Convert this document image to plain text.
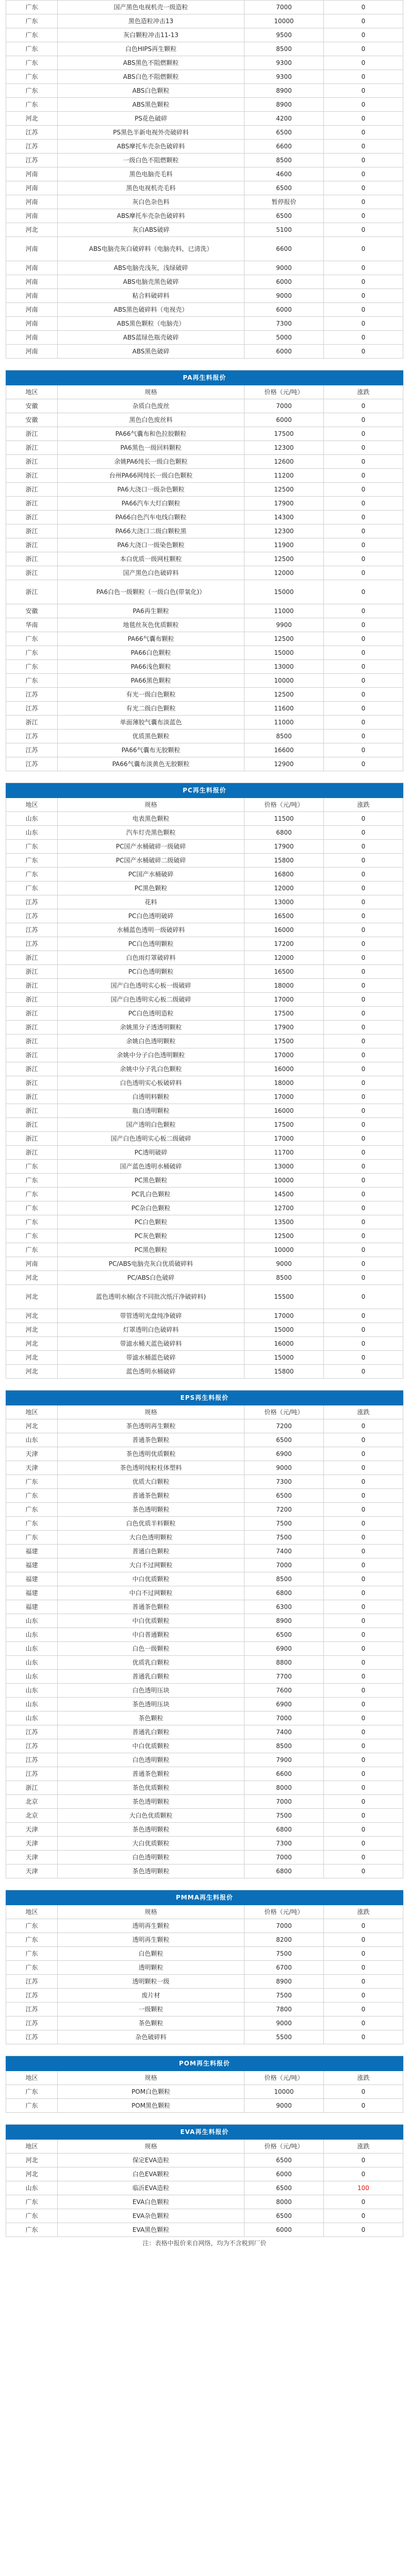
广东	国产黑色电视机壳一级造粒	7000	0
广东	黑色造粒冲击13	10000	0
广东	灰白颗粒冲击11-13	9500	0
广东	白色HIPS再生颗粒	8500	0
广东	ABS黑色不阻燃颗粒	9300	0
广东	ABS白色不阻燃颗粒	9300	0
广东	ABS白色颗粒	8900	0
广东	ABS黑色颗粒	8900	0
河北	PS花色破碎	4200	0
江苏	PS黑色半新电视外壳破碎料	6500	0
江苏	ABS摩托车壳杂色破碎料	6600	0
江苏	一级白色不阻燃颗粒	8500	0
河南	黑色电脑壳毛料	4600	0
河南	黑色电视机壳毛料	6500	0
河南	灰白色杂色料	暂停报价	0
河南	ABS摩托车壳杂色破碎料	6500	0
河北	灰白ABS破碎	5100	0
河南	ABS电脑壳灰白破碎料（电脑壳料，已清洗）	6600	0
河南	ABS电脑壳浅灰，浅绿破碎	9000	0
河南	ABS电脑壳黑色破碎	6000	0
河南	粘合料破碎料	9000	0
河南	ABS黑色破碎料（电视壳）	6000	0
河南	ABS黑色颗粒（电脑壳）	7300	0
河南	ABS蓝绿色瓶壳破碎	5000	0
河南	ABS黑色破碎	6000	0

PA再生料报价			
地区	规格	价格（元/吨）	涨跌
安徽	杂质白色废丝	7000	0
安徽	黑色白色废丝料	6000	0
浙江	PA66气囊布和色拉胶颗粒	17500	0
浙江	PA6黑色一级回料颗粒	12300	0
浙江	余姚PA6纯长一级白色颗粒	12600	0
浙江	台州PA66网纯长一级白色颗粒	11200	0
浙江	PA6大浇口一级杂色颗粒	12500	0
浙江	PA66汽车大灯白颗粒	17900	0
浙江	PA66白色汽车电线白颗粒	14300	0
浙江	PA66大浇口二级白颗粒黑	12300	0
浙江	PA6大浇口一级染色颗粒	11900	0
浙江	本白优质一级网柱颗粒	12500	0
浙江	国产黑色白色破碎料	12000	0
浙江	PA6白色一级颗粒（一级白色(带氧化)）	15000	0
安徽	PA6再生颗粒	11000	0
华南	地毯丝灰色优质颗粒	9900	0
广东	PA66气囊布颗粒	12500	0
广东	PA66白色颗粒	15000	0
广东	PA66浅色颗粒	13000	0
广东	PA66黑色颗粒	10000	0
江苏	有光一级白色颗粒	12500	0
江苏	有光二级白色颗粒	11600	0
浙江	单面薄胶气囊布淡蓝色	11000	0
江苏	优质黑色颗粒	8500	0
江苏	PA66气囊布无胶颗粒	16600	0
江苏	PA66气囊布淡黄色无胶颗粒	12900	0

PC再生料报价			
地区	规格	价格（元/吨）	涨跌
山东	电表黑色颗粒	11500	0
山东	汽车灯壳黑色颗粒	6800	0
广东	PC国产水桶破碎一级破碎	17900	0
广东	PC国产水桶破碎二级破碎	15800	0
广东	PC国产水桶破碎	16800	0
广东	PC黑色颗粒	12000	0
江苏	花料	13000	0
江苏	PC白色透明破碎	16500	0
江苏	水桶蓝色透明一级破碎料	16000	0
江苏	PC白色透明颗粒	17200	0
浙江	白色雨灯罩破碎料	12000	0
浙江	PC白色透明颗粒	16500	0
浙江	国产白色透明实心板一级破碎	18000	0
浙江	国产白色透明实心板二级破碎	17000	0
浙江	PC白色透明造粒	17500	0
浙江	余姚黑分子透透明颗粒	17900	0
浙江	余姚白色透明颗粒	17500	0
浙江	余姚中分子白色透明颗粒	17000	0
浙江	余姚中分子乳白色颗粒	16000	0
浙江	白色透明实心板破碎料	18000	0
浙江	白透明料颗粒	17000	0
浙江	瓶白透明颗粒	16000	0
浙江	国产透明白色颗粒	17500	0
浙江	国产白色透明实心板二级破碎	17000	0
浙江	PC透明破碎	11700	0
广东	国产蓝色透明水桶破碎	13000	0
广东	PC黑色颗粒	10000	0
广东	PC乳白色颗粒	14500	0
广东	PC杂白色颗粒	12700	0
广东	PC白色颗粒	13500	0
广东	PC灰色颗粒	12500	0
广东	PC黑色颗粒	10000	0
河南	PC/ABS电脑壳灰白优质破碎料	9000	0
河北	PC/ABS白色破碎	8500	0
河北	蓝色透明水桶(含不同批次纸汗净破碎料)	15500	0
河北	带管透明光盘纯净破碎	17000	0
河北	灯罩透明白色破碎料	15000	0
河北	带滤水桶天蓝色破碎料	16000	0
河北	带滤水桶蓝色破碎	15000	0
河北	蓝色透明水桶破碎	15800	0

EPS再生料报价			
地区	规格	价格（元/吨）	涨跌
河北	茶色透明再生颗粒	7200	0
山东	普通茶色颗粒	6500	0
天津	茶色透明优质颗粒	6900	0
天津	茶色透明纯粒柱体塑料	9000	0
广东	优质大白颗粒	7300	0
广东	普通茶色颗粒	6500	0
广东	茶色透明颗粒	7200	0
广东	白色优质半料颗粒	7500	0
广东	大白色透明颗粒	7500	0
福建	普通白色颗粒	7400	0
福建	大白不过网颗粒	7000	0
福建	中白优质颗粒	8500	0
福建	中白不过网颗粒	6800	0
福建	普通茶色颗粒	6300	0
山东	中白优质颗粒	8900	0
山东	中白普通颗粒	6500	0
山东	白色一级颗粒	6900	0
山东	优质乳白颗粒	8800	0
山东	普通乳白颗粒	7700	0
山东	白色透明压块	7600	0
山东	茶色透明压块	6900	0
山东	茶色颗粒	7000	0
江苏	普通乳白颗粒	7400	0
江苏	中白优质颗粒	8500	0
江苏	白色透明颗粒	7900	0
江苏	普通茶色颗粒	6600	0
浙江	茶色优质颗粒	8000	0
北京	茶色透明颗粒	7000	0
北京	大白色优质颗粒	7500	0
天津	茶色透明颗粒	6800	0
天津	大白优质颗粒	7300	0
天津	白色透明颗粒	7000	0
天津	茶色透明颗粒	6800	0

PMMA再生料报价			
地区	规格	价格（元/吨）	涨跌
广东	透明再生颗粒	7000	0
广东	透明再生颗粒	8200	0
广东	白色颗粒	7500	0
广东	透明颗粒	6700	0
江苏	透明颗粒一级	8900	0
江苏	废片材	7500	0
江苏	一级颗粒	7800	0
江苏	茶色颗粒	9000	0
江苏	杂色破碎料	5500	0

POM再生料报价			
地区	规格	价格（元/吨）	涨跌
广东	POM白色颗粒	10000	0
广东	POM黑色颗粒	9000	0

EVA再生料报价			
地区	规格	价格（元/吨）	涨跌
河北	保定EVA造粒	6500	0
河北	白色EVA颗粒	6000	0
山东	临沂EVA造粒	6500	100
广东	EVA白色颗粒	8000	0
广东	EVA杂色颗粒	6500	0
广东	EVA黑色颗粒	6000	0
注：表格中报价来自网络，均为不含税到厂价
